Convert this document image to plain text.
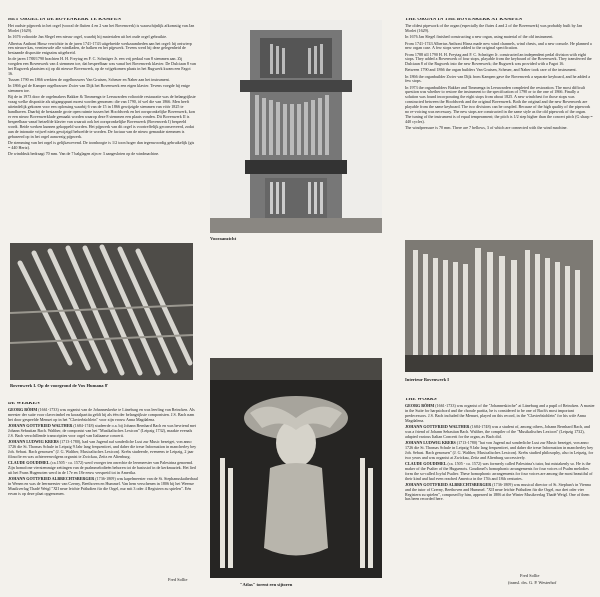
HET ORGEL IN DE BOVENKERK TE KAMPEN

Het oudste pijpwerk in het orgel (vooral de fluiten 4 en 2 van het Bovenwerk) is waarschijnlijk afkomstig van Jan Morlet (1629).

In 1676 voltooide Jan Slegel een nieuw orgel, waarbij hij materialen uit het oude orgel gebruikte.

Albertus Anthoni Hinsz verrichtte in de jaren 1741-1743 uitgebreide werkzaamheden aan het orgel: hij ontwierp een nieuwe kas, vernieuwde alle windladen, de balken en het pijpwerk. Tevens werd bij deze gelegenheid de bestaande dispositie enigszins uitgebreid.

In de jaren 1788/1790 brachten H. H. Freytag en F. C. Schnitger Jr. een vrij pedaal van 8 stemmen aan. Zij voegden een Bovenwerk van 4 stemmen toe, dat bespeelbaar was vanaf het Bovenwerk klavier. De Dulciaan 8 van het Rugwerk plaatsten zij op dit nieuwe Bovenwerk, op de vrijgekomen plaats in het Rugwerk kwam een Fagot 16.

Tussen 1790 en 1866 werkten de orgelbouwers Van Gruisen, Scheuer en Naber aan het instrument.

In 1866 gaf de Kamper orgelbouwer Zwier van Dijk het Bovenwerk een eigen klavier. Tevens voegde hij enige stemmen toe.

Bij de in 1973 door de orgelmakers Bakker & Timmenga te Leeuwarden voltooide restauratie was de belangrijkste vraag welke dispositie als uitgangspunt moest worden genomen: die van 1790, òf wel die van 1866. Men heeft uiteindelijk gekozen voor een oplossing waarbij 6 van de 15 in 1866 gewijzigde stemmen van vóór 1825 te handhaven. Daarbij de bestaande grote open ruimte tussen het Hoofdwerk en het oorspronkelijke Bovenwerk, kon er een nieuw Bovenwerklade gemaakt worden waarop deze 8 stemmen een plaats vonden. Dit Bovenwerk II is bespeelbaar vanaf hetzelfde klavier van waaruit ook het oorspronkelijke Bovenwerk (Bovenwerk I) bespeeld wordt. Beide werken kunnen gekoppeld worden. Het pijpwerk van dit orgel is voortreffelijk geconserveerd, zodat aan de intonatie vrijwel niets gewijzigd behoefde te worden. De factuur van de nieuw gemaakte stemmen is gebaseerd op in het orgel aanwezig pijpwerk.

De stemming van het orgel is gelijkzwevend. De toonhoogte is 1/2 toon hoger dan tegenwoordig gebruikelijk (gis = 440 Hertz).

De winddruk bedraagt 70 mm. Van de 7 balglagen zijn er 3 aangesloten op de windmachine.

Vooraanzicht
THE ORGAN IN THE BOVENKERK AT KAMPEN

The oldest pipework of the organ (especially the flutes 4 and 2 of the Bovenwerk) was probably built by Jan Morlet (1629).

In 1676 Jan Slegel finished constructing a new organ, using material of the old instrument.

From 1741-1743 Albertus Anthoni Hinsz made new wind channels, wind chests, and a new console. He planned a new organ case. A few stops were added to the original specification.

From 1788 till 1790 H. H. Freytag and F. C. Schnitger Jr. constructed an independent pedal division with eight stops. They added a Bovenwerk of four stops, playable from the keyboard of the Bovenwerk. They transferred the Dulciaan 8 of the Rugwerk into the new Bovenwerk; the Rugwerk was provided with a Fagot 16.

Between 1790 and 1866 the organ builders Van Gruisen, Scheuer, and Naber took care of the instrument.

In 1866 the organbuilder Zwier van Dijk from Kampen gave the Bovenwerk a separate keyboard, and he added a few stops.

In 1973 the organbuilders Bakker and Timmenga in Leeuwarden completed the restoration. The most difficult question was whether to restore the instrument to the specification of 1790 or to the one of 1866. Finally a solution was found incorporating the eight stops from about 1825. A new windchest for those stops was constructed between the Hoofdwerk and the original Bovenwerk. Both the original and the new Bovenwerk are playable from the same keyboard. The two divisions can be coupled. Because of the high quality of the pipework no re-voicing was necessary. The new stops are constructed in the same style as the old pipework of the organ. The tuning of the instrument is of equal temperament; the pitch is 1/2 step higher than the concert pitch (G sharp = 440 cycles).

The windpressure is 70 mm. There are 7 bellows, 3 of which are connected with the wind machine.

Bovenwerk I. Op de voorgrond de Vox Humana 8'
Interieur Bovenwerk I
"Atlas" torent een sijtoren
DE WERKEN

GEORG BÖHM (1661-1733) was organist van de Johanneskerke te Lüneburg en was leerling van Reincken. Als meester der suite voor clavecimbel en koraalpartita geldt hij als één der belangrijkste componisten. J.S. Bach nam het door gespeelde Menuet op in het "Clavierbüchlein" voor zijn vrouw Anna Magdalena.

JOHANN GOTTFRIED WALTHER (1684-1748) studeerde o.a. bij Johann Bernhard Bach en was bevriend met Johann Sebastian Bach. Walther, de componist van het "Musikalisches Lexicon" (Leipzig 1732), maakte evenals J.S. Bach verschillende transcripties voor orgel van Italiaanse concerti.

JOHANN LUDWIG KREBS (1713-1780), had van Jugend auf sonderliche Lust zur Music bezeiget, von anno 1726 die St. Thomas Schule in Leipzig 9 Jahr lang frequentiret, und daher die treue Information in mancherley bey Joh. Sebast. Bach genossen" (J. G. Walther, Musicalisches Lexicon). Krebs studeerde, eveneens te Leipzig, 2 jaar filosofie en was achtereenvolgens organist te Zwickau, Zeitz en Altenburg.

CLAUDE GOUDIMEL (ca.1505 - ca. 1572) werd vroeger ten onrechte de leermeester van Palestrina genoemd. Zijn homofone vierstemmige zettingen van de psalmmelodieën behoren tot de basisstof in de kerkmuziek. Het lied uit het Frans Hugenoten werd in de 17e en 18e eeuw verspreid tot in Amerika.

JOHANN GOTTFRIED ALBRECHTSBERGER (1736-1809) was kapelmeester van de St. Stephanuskathedraal in Wenen en was de leermeester van Czerny, Beethoven en Hummel. Van hem verschenen in 1806 bij het Weense Musikverlag Thadé Weigl "XII neue leichte Präludien für die Orgel, nur mit 3 oder 4 Registern zu spielen". Eén ervan is op deze plaat opgenomen.

Fred Sollie
THE WORKS

GEORG BÖHM (1661-1733) was organist of the "Johanneskirche" at Lüneburg and a pupil of Reincken. A master in the Suite for harpsichord and the chorale partita, he is considered to be one of Bach's most important predecessors. J.S. Bach included the Menuet, played on this record, in the "Clavierbüchlein" for his wife Anna Magdalena.

JOHANN GOTTFRIED WALTHER (1684-1748) was a student of, among others, Johann Bernhard Bach, and was a friend of Johann Sebastian Bach. Walther, the compiler of the "Musikalisches Lexicon" (Leipzig 1732), adapted various Italian Concerti for the organ, as Bach did.

JOHANN LUDWIG KREBS (1713-1780) "hat von Jugend auf sonderliche Lust zur Music bezeiget, von anno 1726 die St. Thomas Schule in Leipzig 9 Jahr lang frequentiret, und daher die treue Information in mancherley bey Joh. Sebast. Bach genossen" (J. G. Walther, Musicalisches Lexicon). Krebs studied philosophy, also in Leipzig, for two years and was organist at Zwickau, Zeitz and Altenburg successively.

CLAUDE GOUDIMEL (ca. 1505 - ca. 1572) was formerly called Palestrina's tutor, but mistakenly so. He is the maker of the Psalter of the Huguenots. Goudimel's homophonic arrangements for four voices of Psalm melodies form the so-called Joyful Psalter. These homophonic arrangements for four voices are among the most beautiful of their kind and had even reached America in the 17th and 18th centuries.

JOHANN GOTTFRIED ALBRECHTSBERGER (1736-1809) was musical director of St. Stephan's in Vienna and the tutor of Czerny, Beethoven and Hummel. "XII neue leichte Präludien für die Orgel, nur drei oder vier Registern zu spielen", composed by him, appeared in 1806 at the Winter Musikverlag Thadé Weigl. One of them has been recorded here.

Fred Sollie
(transl. drs. G. P. Westerhof
